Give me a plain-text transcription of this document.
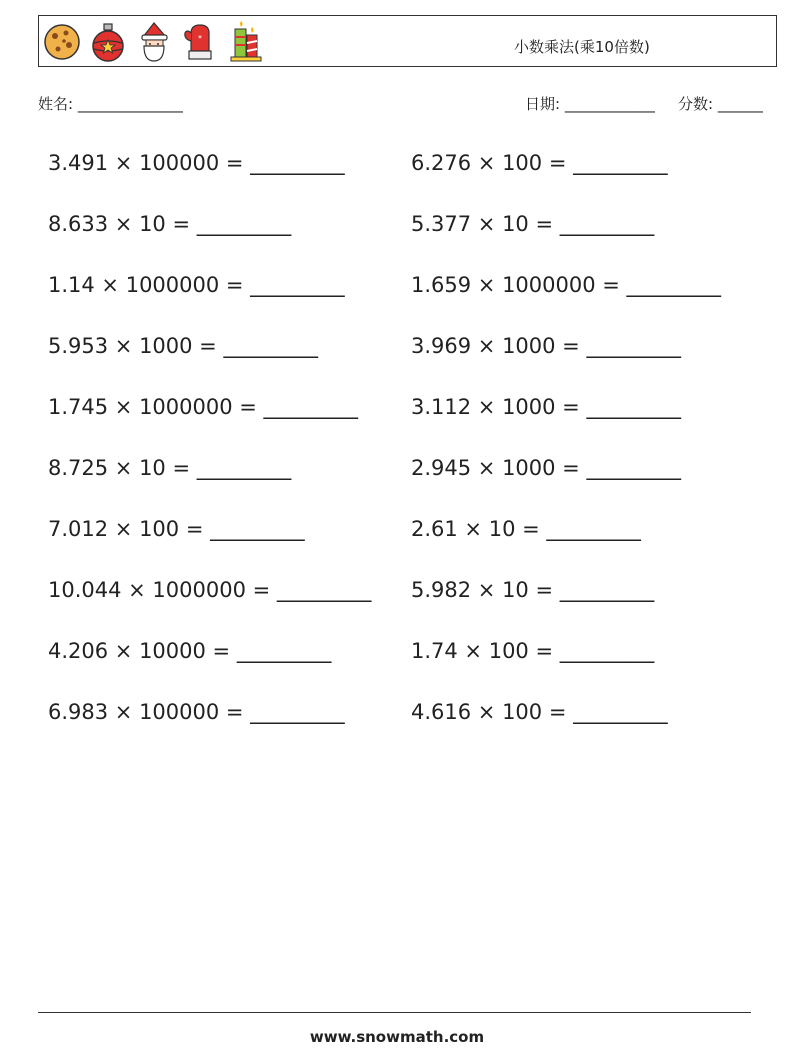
*	小数乘法(乘10倍数)
姓名: ______________	日期: ____________ 分数: ______
3.491 × 100000 = _________	6.276 × 100 = _________
8.633 × 10 = _________	5.377 × 10 = _________
1.14 × 1000000 = _________	1.659 × 1000000 = _________
5.953 × 1000 = _________	3.969 × 1000 = _________
1.745 × 1000000 = _________	3.112 × 1000 = _________
8.725 × 10 = _________	2.945 × 1000 = _________
7.012 × 100 = _________	2.61 × 10 = _________
10.044 × 1000000 = _________	5.982 × 10 = _________
4.206 × 10000 = _________	1.74 × 100 = _________
6.983 × 100000 = _________	4.616 × 100 = _________
www.snowmath.com
